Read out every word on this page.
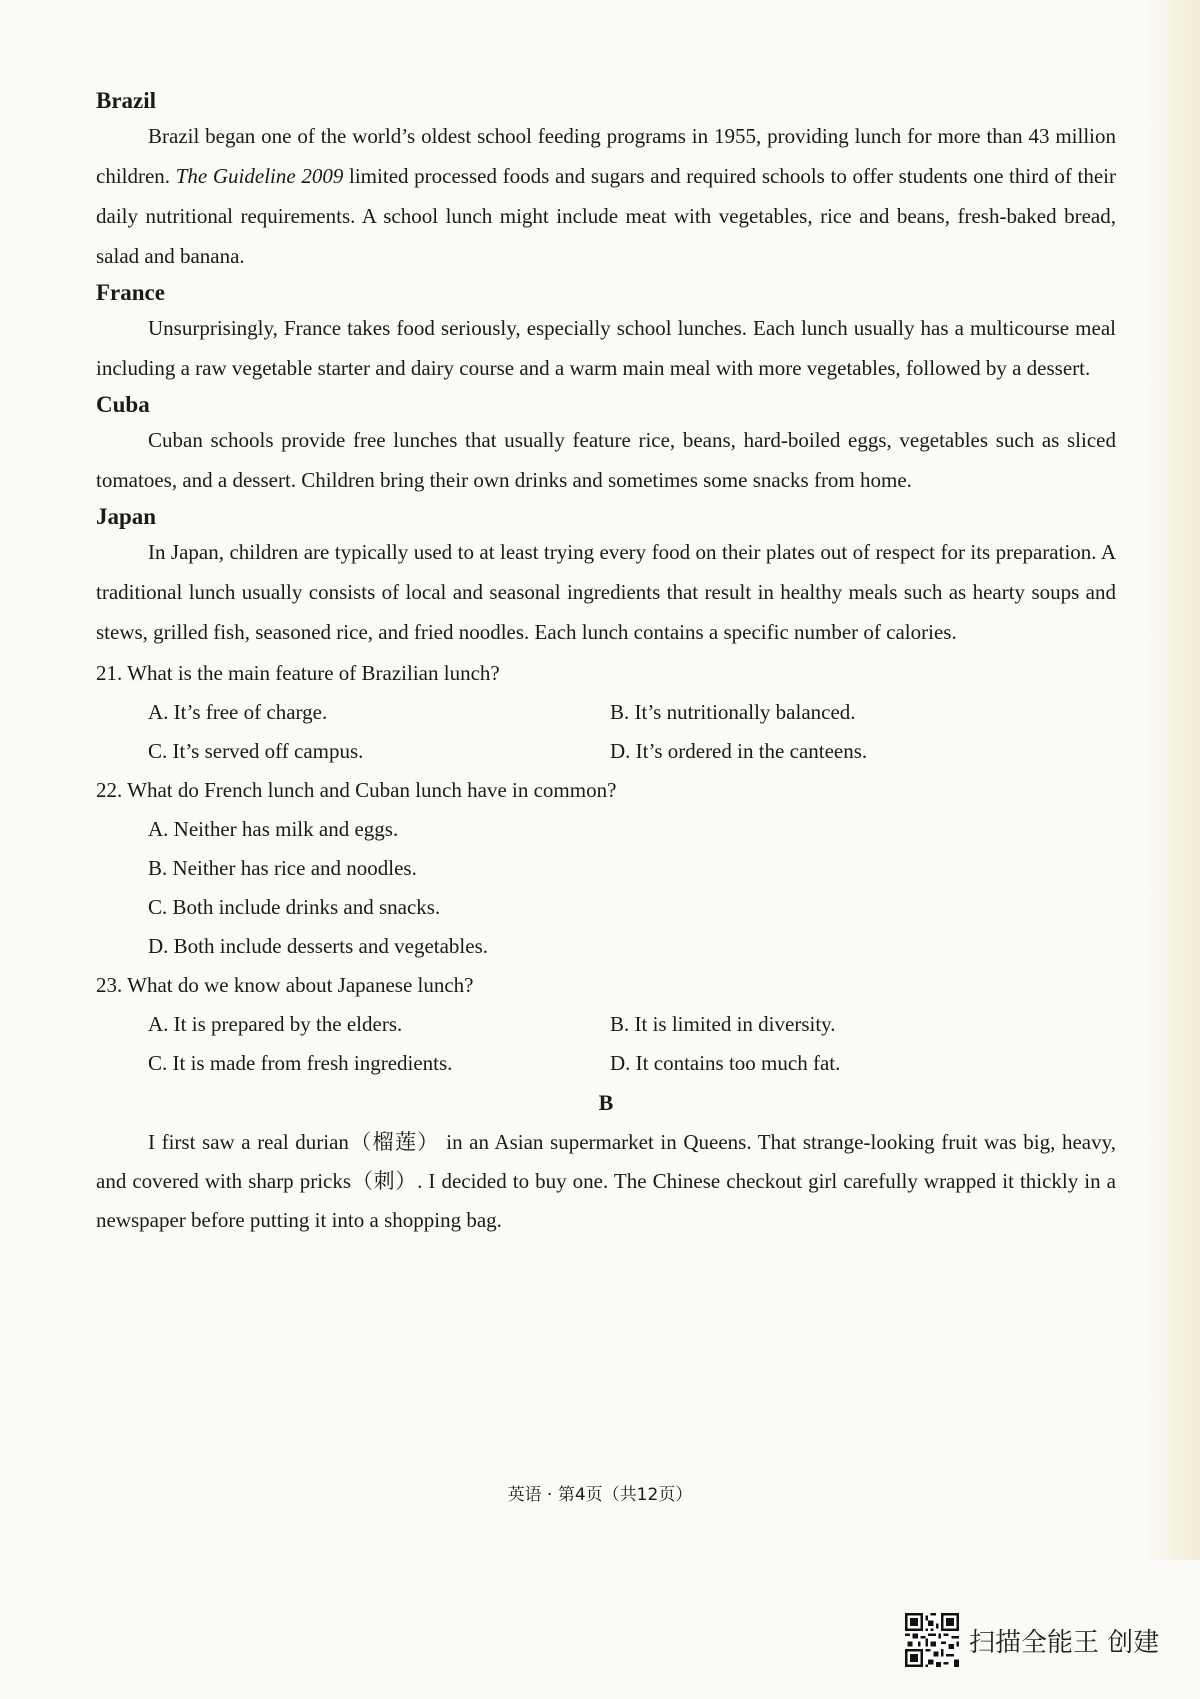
Brazil

Brazil began one of the world’s oldest school feeding programs in 1955, providing lunch for more than 43 million children. The Guideline 2009 limited processed foods and sugars and required schools to offer students one third of their daily nutritional requirements. A school lunch might include meat with vegetables, rice and beans, fresh-baked bread, salad and banana.

France

Unsurprisingly, France takes food seriously, especially school lunches. Each lunch usually has a multicourse meal including a raw vegetable starter and dairy course and a warm main meal with more vegetables, followed by a dessert.

Cuba

Cuban schools provide free lunches that usually feature rice, beans, hard-boiled eggs, vegetables such as sliced tomatoes, and a dessert. Children bring their own drinks and sometimes some snacks from home.

Japan

In Japan, children are typically used to at least trying every food on their plates out of respect for its preparation. A traditional lunch usually consists of local and seasonal ingredients that result in healthy meals such as hearty soups and stews, grilled fish, seasoned rice, and fried noodles. Each lunch contains a specific number of calories.

21. What is the main feature of Brazilian lunch?

A. It’s free of charge.	B. It’s nutritionally balanced.
C. It’s served off campus.	D. It’s ordered in the canteens.

22. What do French lunch and Cuban lunch have in common?

A. Neither has milk and eggs.
B. Neither has rice and noodles.
C. Both include drinks and snacks.
D. Both include desserts and vegetables.

23. What do we know about Japanese lunch?

A. It is prepared by the elders.	B. It is limited in diversity.
C. It is made from fresh ingredients.	D. It contains too much fat.

B

I first saw a real durian（榴莲） in an Asian supermarket in Queens. That strange-looking fruit was big, heavy, and covered with sharp pricks（刺）. I decided to buy one. The Chinese checkout girl carefully wrapped it thickly in a newspaper before putting it into a shopping bag.

英语 · 第4页（共12页）
扫描全能王 创建
